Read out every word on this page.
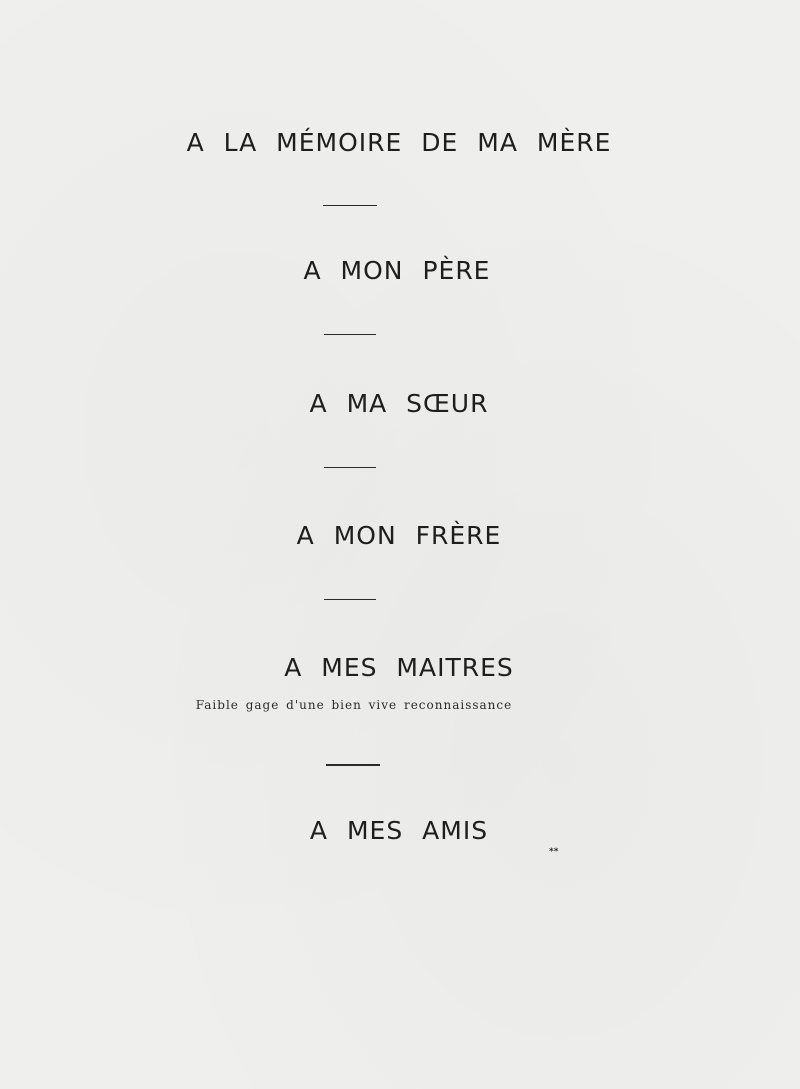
A LA MÉMOIRE DE MA MÈRE
A MON PÈRE
A MA SŒUR
A MON FRÈRE
A MES MAITRES
Faible gage d'une bien vive reconnaissance
A MES AMIS
**
